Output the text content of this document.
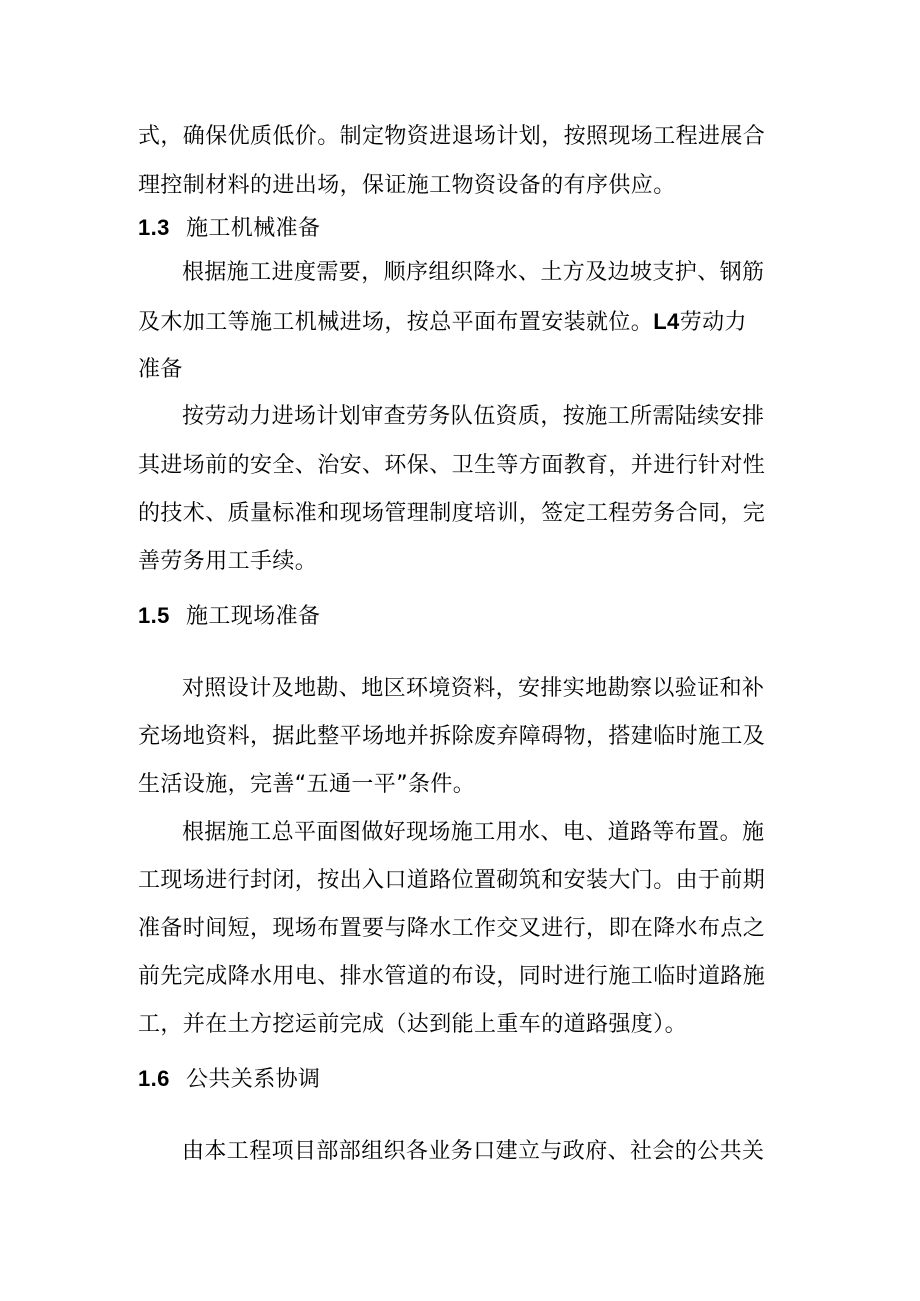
式，确保优质低价。制定物资进退场计划，按照现场工程进展合
理控制材料的进出场，保证施工物资设备的有序供应。
1.3 施工机械准备
根据施工进度需要，顺序组织降水、土方及边坡支护、钢筋
及木加工等施工机械进场，按总平面布置安装就位。L4劳动力
准备
按劳动力进场计划审查劳务队伍资质，按施工所需陆续安排
其进场前的安全、治安、环保、卫生等方面教育，并进行针对性
的技术、质量标准和现场管理制度培训，签定工程劳务合同，完
善劳务用工手续。
1.5 施工现场准备
对照设计及地勘、地区环境资料，安排实地勘察以验证和补
充场地资料，据此整平场地并拆除废弃障碍物，搭建临时施工及
生活设施，完善“五通一平”条件。
根据施工总平面图做好现场施工用水、电、道路等布置。施
工现场进行封闭，按出入口道路位置砌筑和安装大门。由于前期
准备时间短，现场布置要与降水工作交叉进行，即在降水布点之
前先完成降水用电、排水管道的布设，同时进行施工临时道路施
工，并在土方挖运前完成（达到能上重车的道路强度）。
1.6 公共关系协调
由本工程项目部部组织各业务口建立与政府、社会的公共关
